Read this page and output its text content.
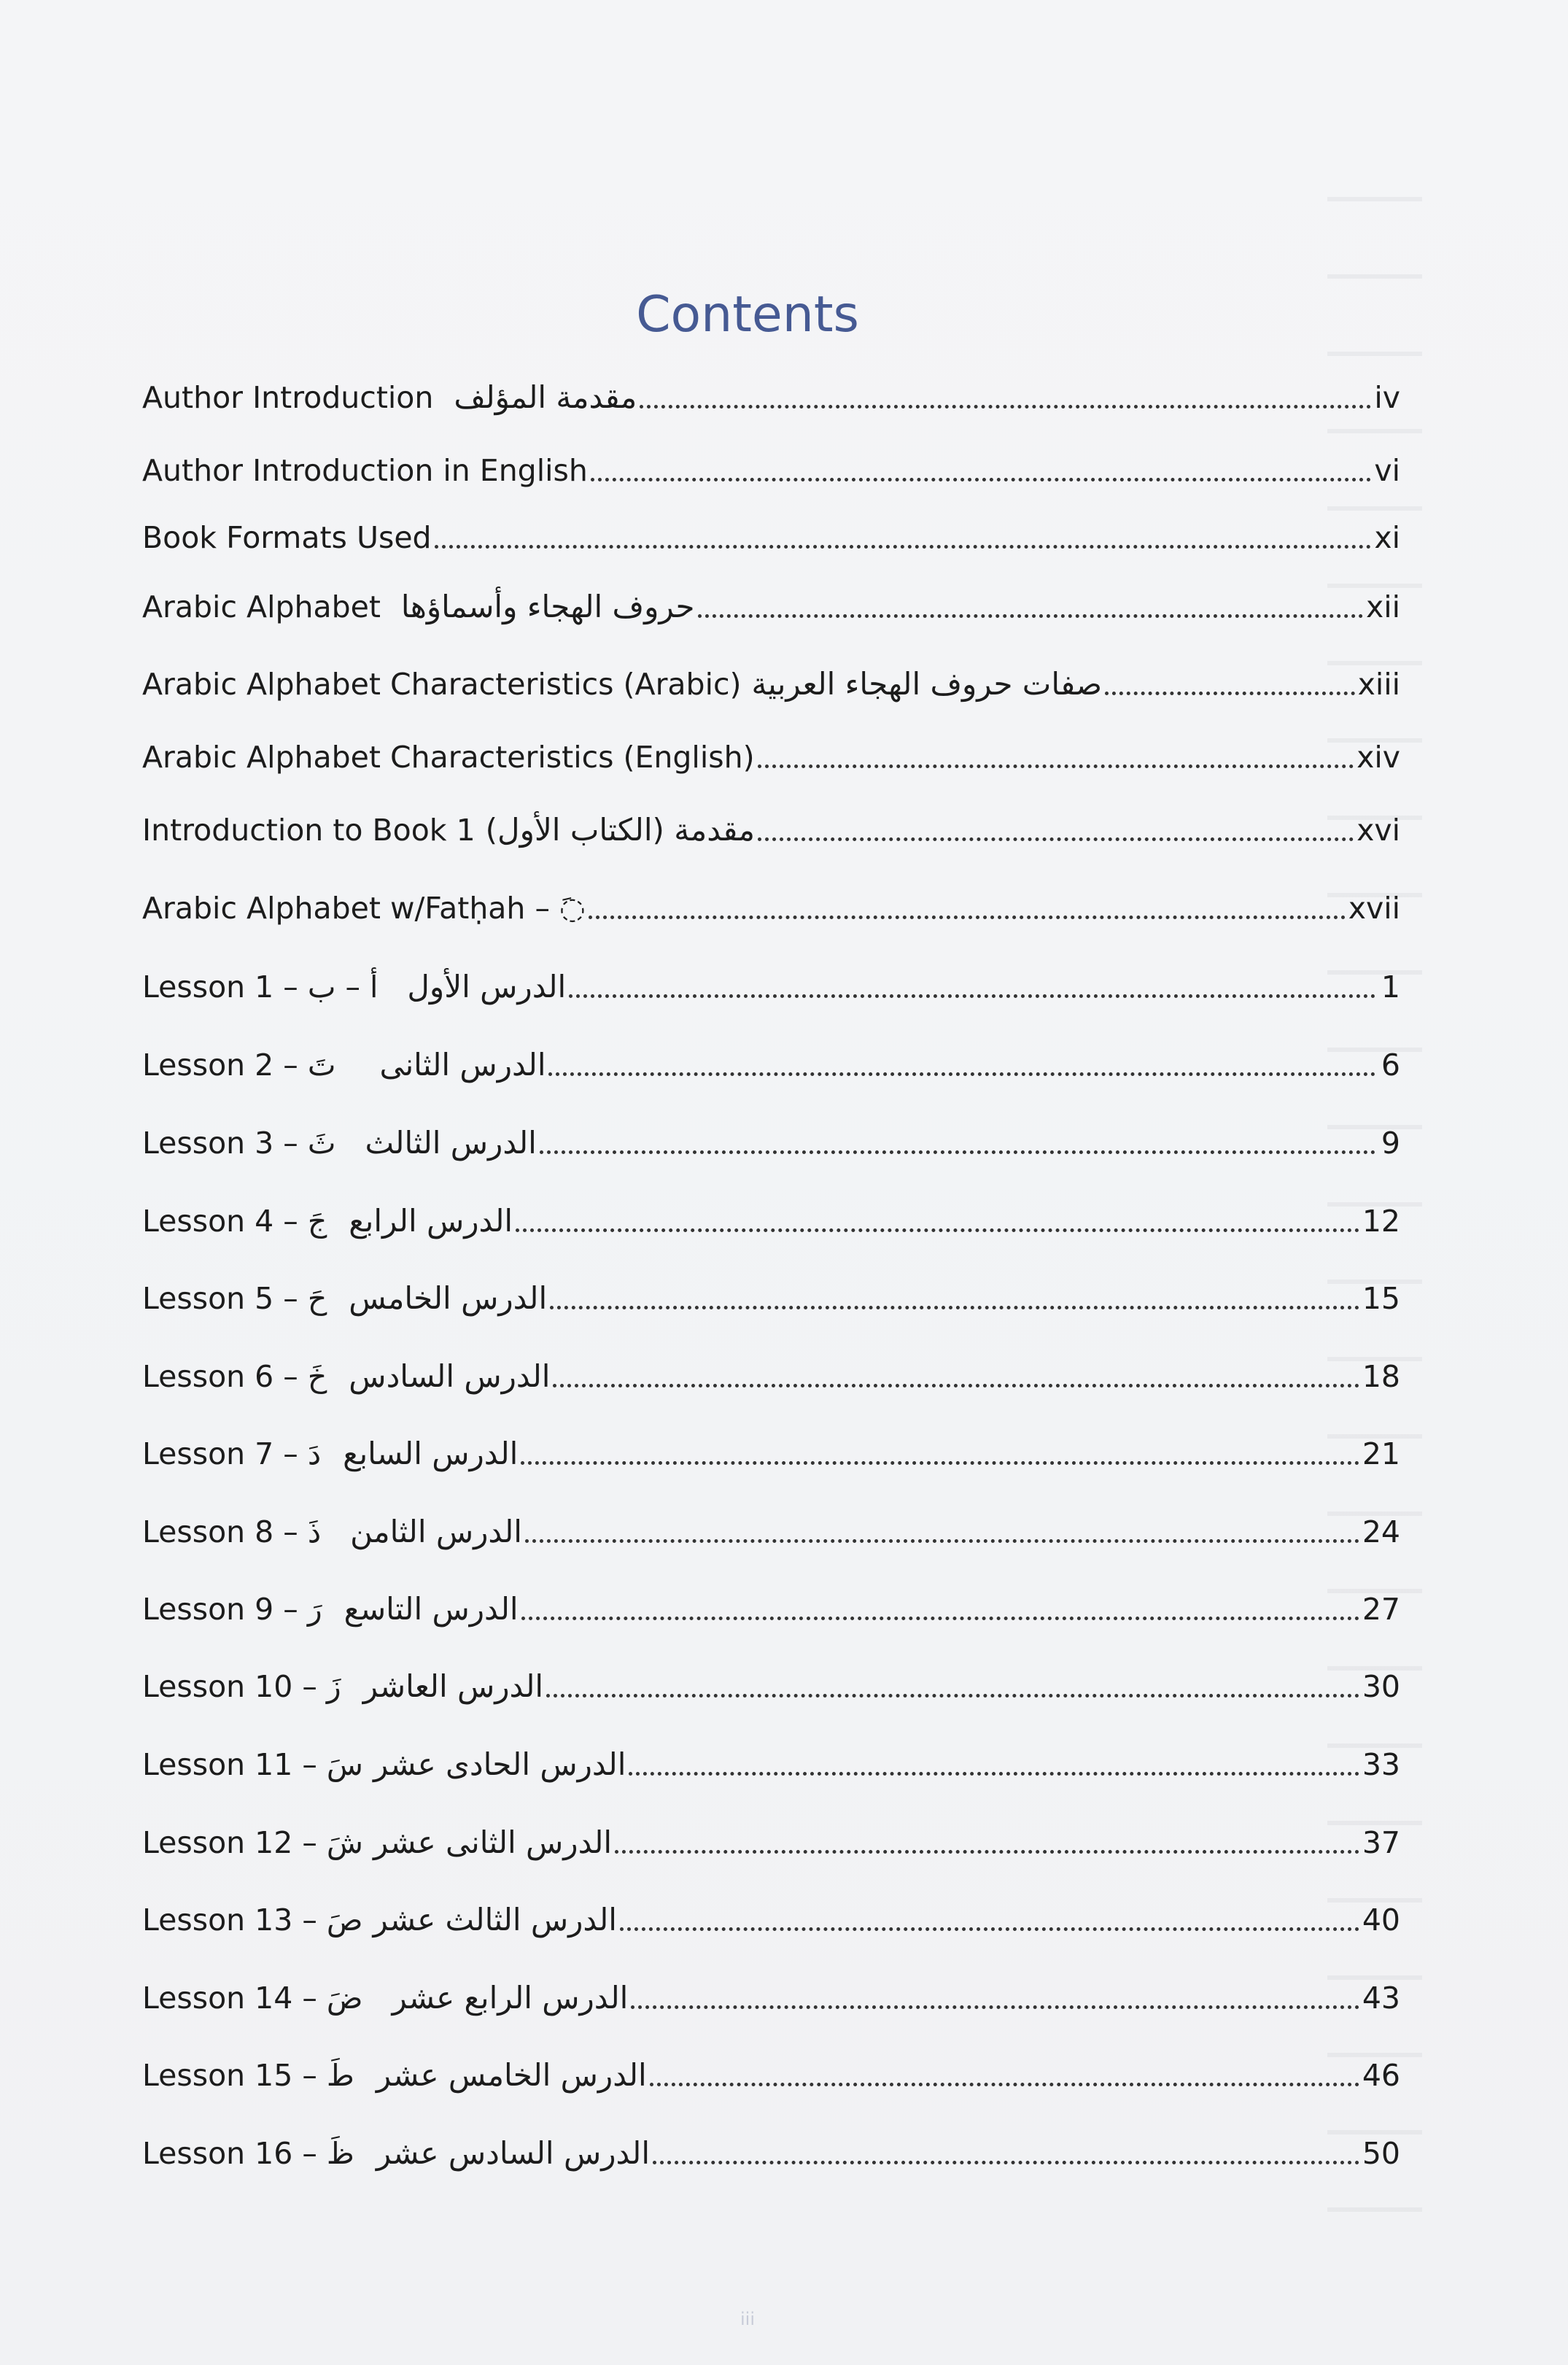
Contents
Author Introduction مقدمة المؤلف	iv
Author Introduction in English	vi
Book Formats Used	xi
Arabic Alphabet حروف الهجاء وأسماؤها	xii
Arabic Alphabet Characteristics (Arabic) صفات حروف الهجاء العربية	xiii
Arabic Alphabet Characteristics (English)	xiv
Introduction to Book 1 مقدمة (الكتاب الأول)	xvi
Arabic Alphabet w/Fatḥah – ◌َ	xvii
Lesson 1 – أ – ب الدرس الأول	1
Lesson 2 – تَ الدرس الثانى	6
Lesson 3 – ثَ الدرس الثالث	9
Lesson 4 – جَ الدرس الرابع	12
Lesson 5 – حَ الدرس الخامس	15
Lesson 6 – خَ الدرس السادس	18
Lesson 7 – دَ الدرس السابع	21
Lesson 8 – ذَ الدرس الثامن	24
Lesson 9 – رَ الدرس التاسع	27
Lesson 10 – زَ الدرس العاشر	30
Lesson 11 – سَ الدرس الحادى عشر	33
Lesson 12 – شَ الدرس الثانى عشر	37
Lesson 13 – صَ الدرس الثالث عشر	40
Lesson 14 – ضَ الدرس الرابع عشر	43
Lesson 15 – طَ الدرس الخامس عشر	46
Lesson 16 – ظَ الدرس السادس عشر	50
iii
